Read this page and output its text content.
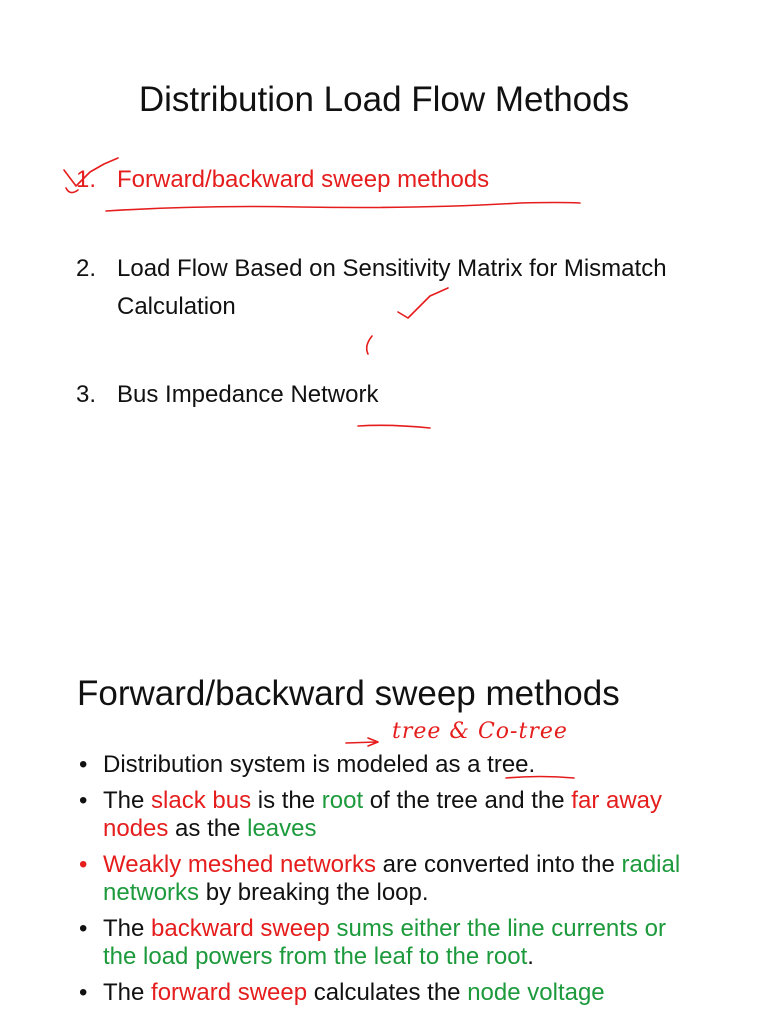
Distribution Load Flow Methods
1. Forward/backward sweep methods
2. Load Flow Based on Sensitivity Matrix for Mismatch Calculation
3. Bus Impedance Network
Forward/backward sweep methods
tree & Co-tree
• Distribution system is modeled as a tree.
• The slack bus is the root of the tree and the far away nodes as the leaves
• Weakly meshed networks are converted into the radial networks by breaking the loop.
• The backward sweep sums either the line currents or the load powers from the leaf to the root.
• The forward sweep calculates the node voltage
